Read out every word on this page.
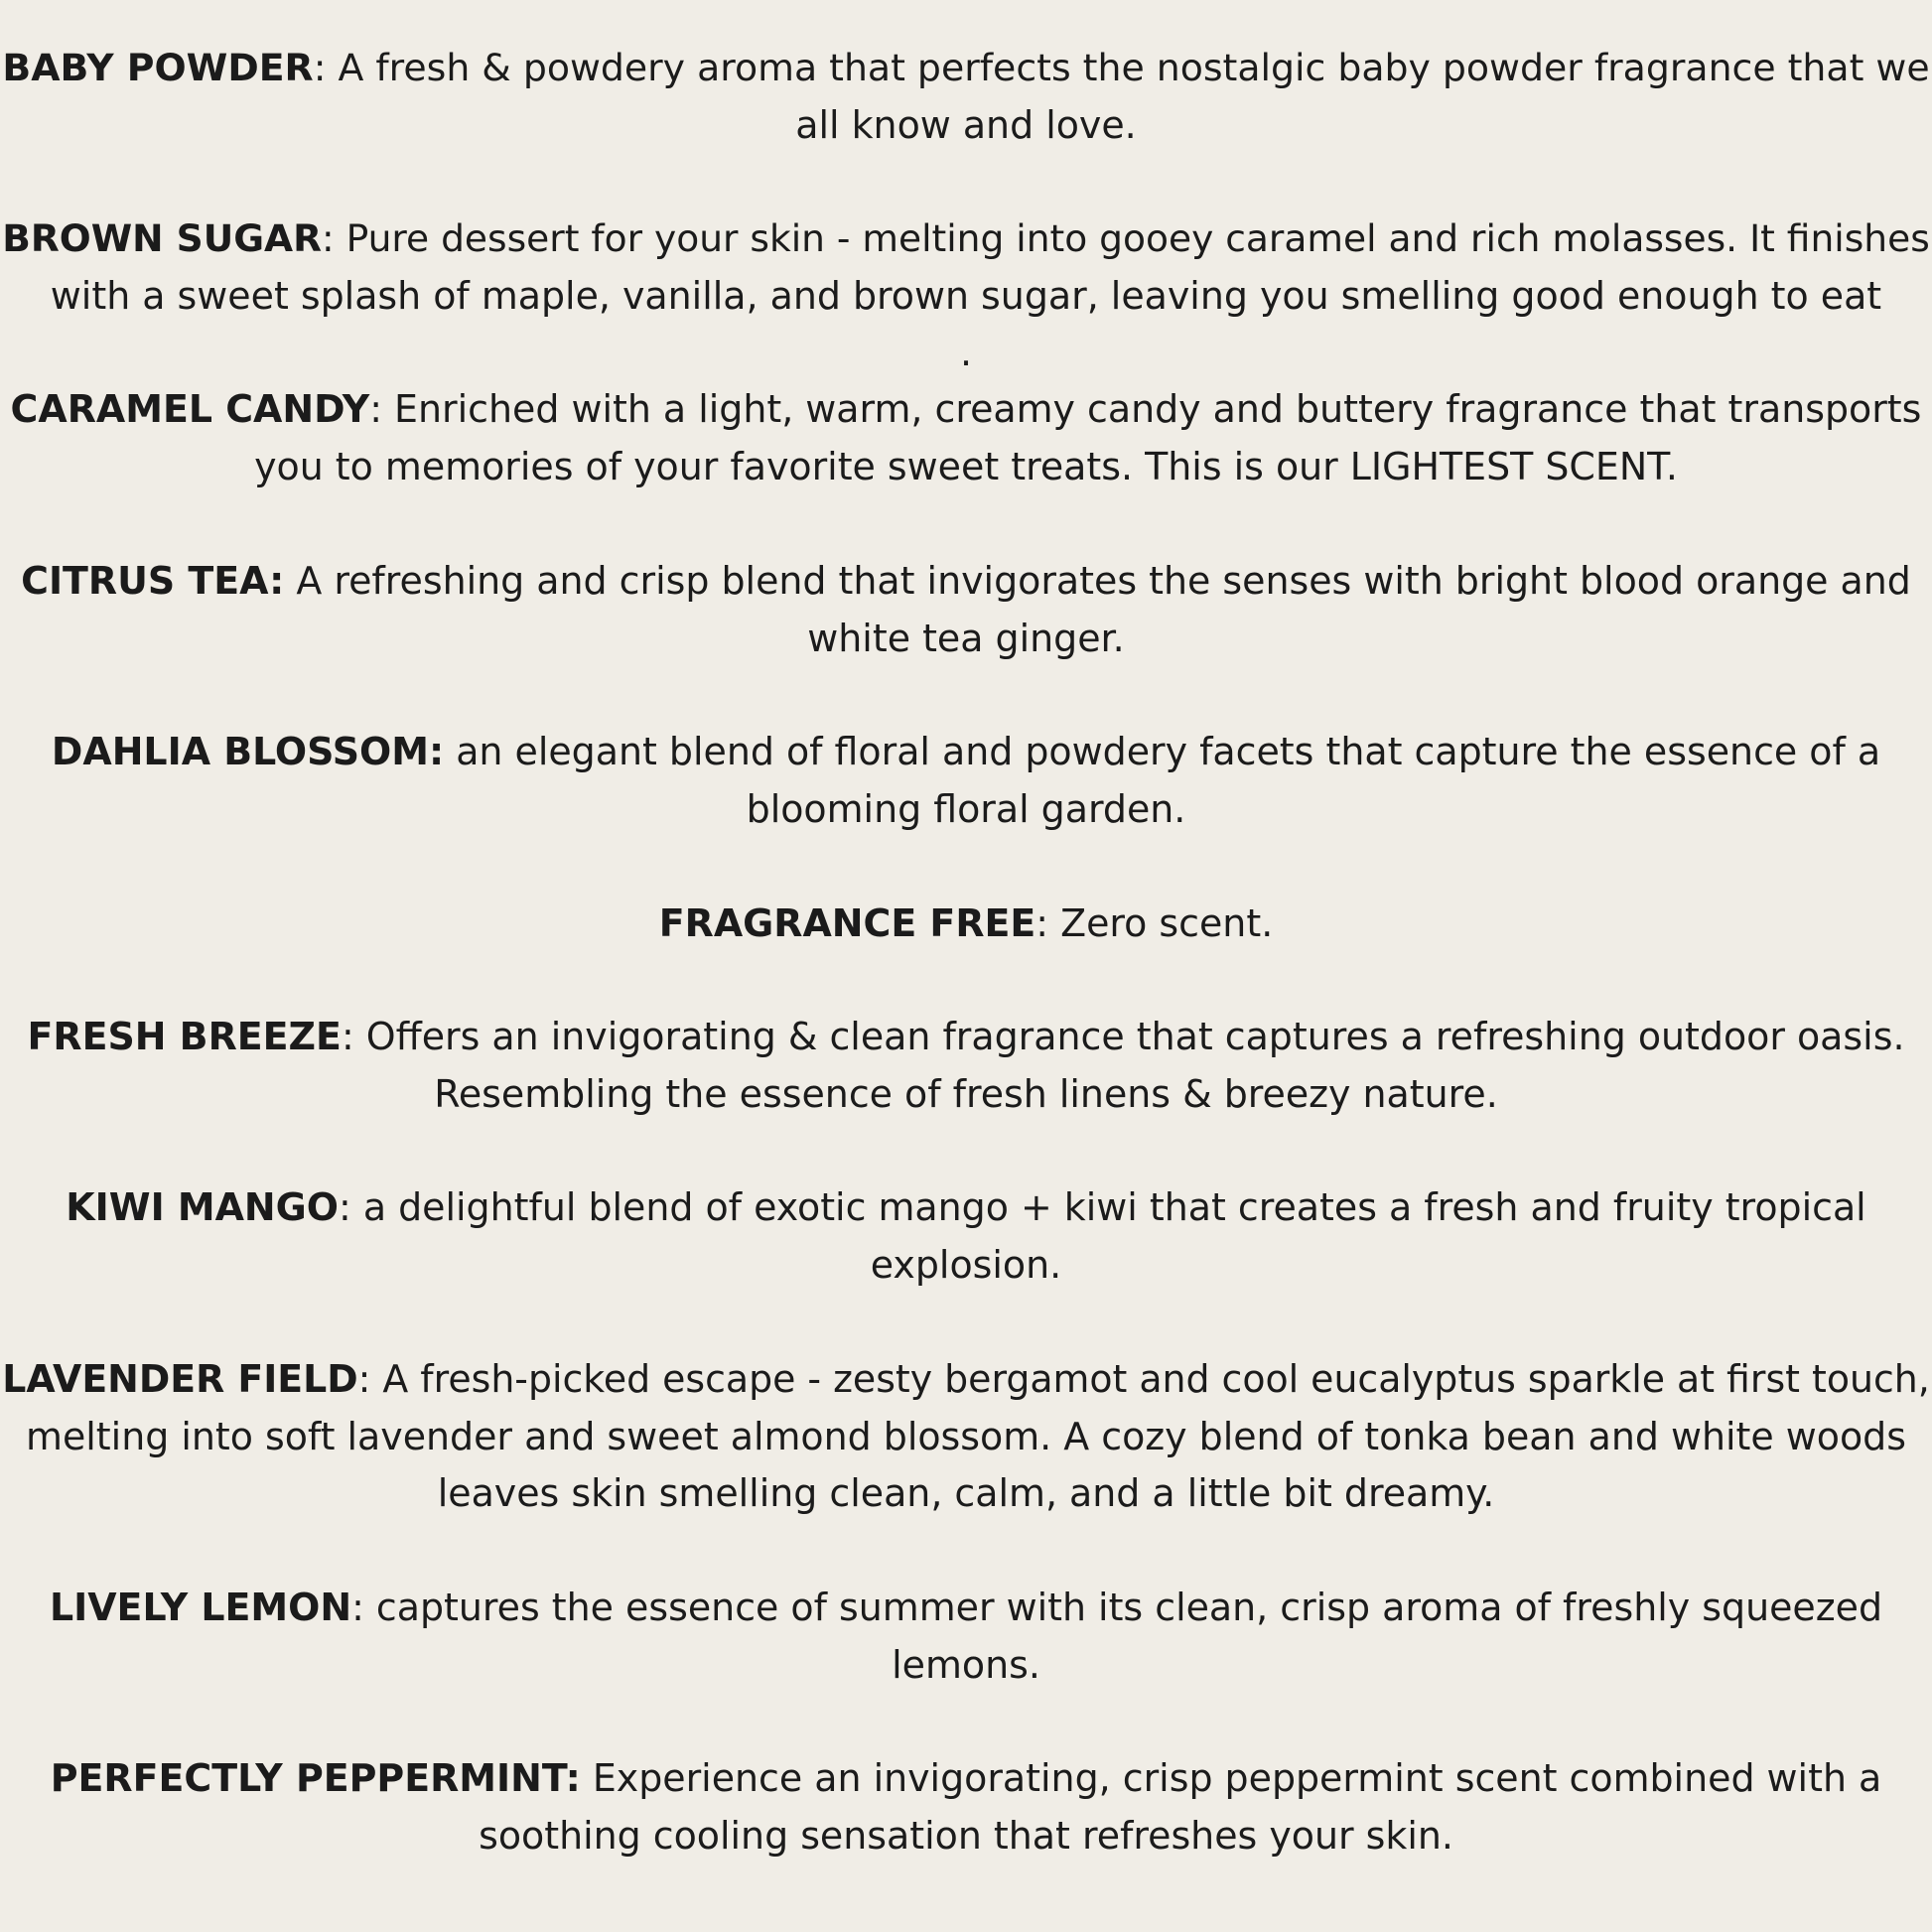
BABY POWDER: A fresh & powdery aroma that perfects the nostalgic baby powder fragrance that we
all know and love.
BROWN SUGAR: Pure dessert for your skin - melting into gooey caramel and rich molasses. It finishes
with a sweet splash of maple, vanilla, and brown sugar, leaving you smelling good enough to eat
.
CARAMEL CANDY: Enriched with a light, warm, creamy candy and buttery fragrance that transports
you to memories of your favorite sweet treats. This is our LIGHTEST SCENT.
CITRUS TEA: A refreshing and crisp blend that invigorates the senses with bright blood orange and
white tea ginger.
DAHLIA BLOSSOM: an elegant blend of floral and powdery facets that capture the essence of a
blooming floral garden.
FRAGRANCE FREE: Zero scent.
FRESH BREEZE: Offers an invigorating & clean fragrance that captures a refreshing outdoor oasis.
Resembling the essence of fresh linens & breezy nature.
KIWI MANGO: a delightful blend of exotic mango + kiwi that creates a fresh and fruity tropical
explosion.
LAVENDER FIELD: A fresh-picked escape - zesty bergamot and cool eucalyptus sparkle at first touch,
melting into soft lavender and sweet almond blossom. A cozy blend of tonka bean and white woods
leaves skin smelling clean, calm, and a little bit dreamy.
LIVELY LEMON: captures the essence of summer with its clean, crisp aroma of freshly squeezed
lemons.
PERFECTLY PEPPERMINT: Experience an invigorating, crisp peppermint scent combined with a
soothing cooling sensation that refreshes your skin.
